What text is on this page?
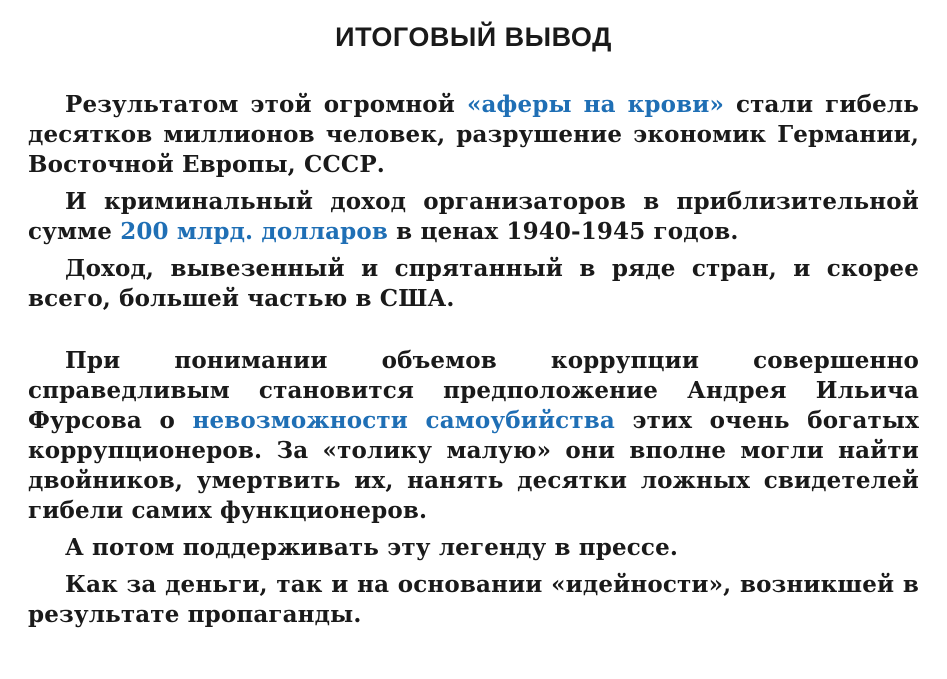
ИТОГОВЫЙ ВЫВОД

Результатом этой огромной «аферы на крови» стали гибель десятков миллионов человек, разрушение экономик Германии, Восточной Европы, СССР.

И криминальный доход организаторов в приблизительной сумме 200 млрд. долларов в ценах 1940-1945 годов.

Доход, вывезенный и спрятанный в ряде стран, и скорее всего, большей частью в США.

При понимании объемов коррупции совершенно справедливым становится предположение Андрея Ильича Фурсова о невозможности самоубийства этих очень богатых коррупционеров. За «толику малую» они вполне могли найти двойников, умертвить их, нанять десятки ложных свидетелей гибели самих функционеров.

А потом поддерживать эту легенду в прессе.

Как за деньги, так и на основании «идейности», возникшей в результате пропаганды.
